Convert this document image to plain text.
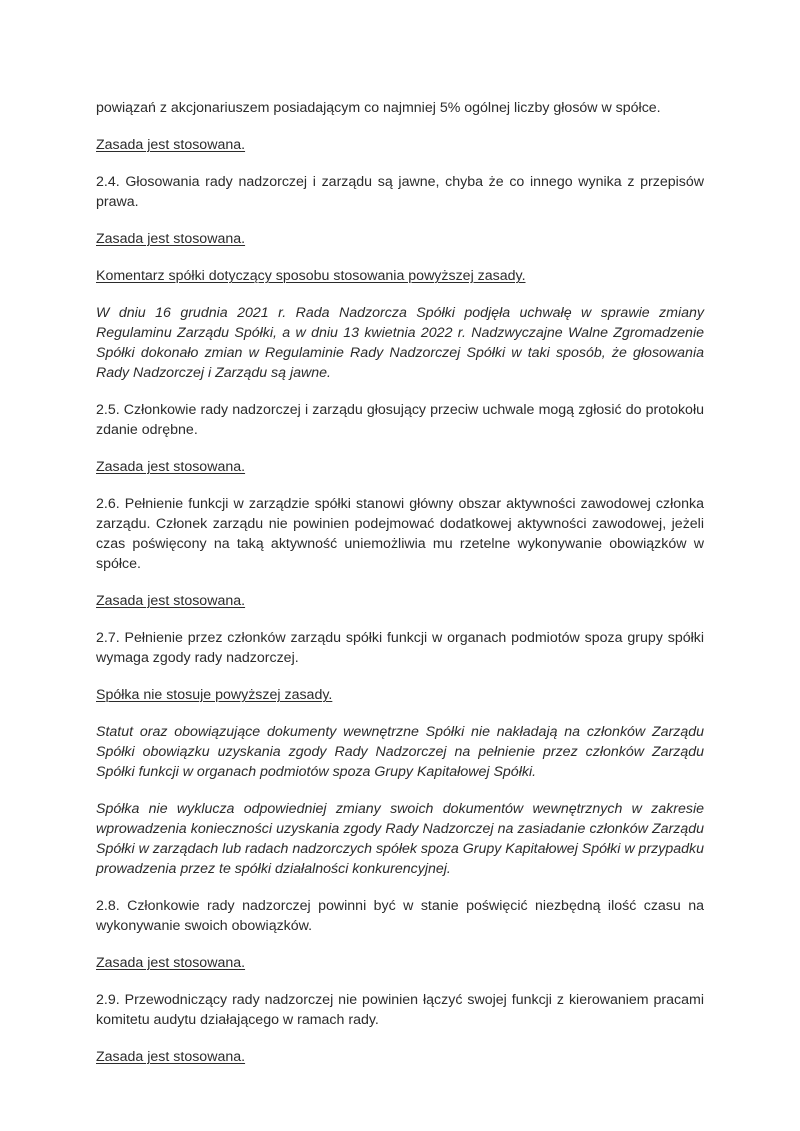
powiązań z akcjonariuszem posiadającym co najmniej 5% ogólnej liczby głosów w spółce.

Zasada jest stosowana.

2.4. Głosowania rady nadzorczej i zarządu są jawne, chyba że co innego wynika z przepisów prawa.

Zasada jest stosowana.

Komentarz spółki dotyczący sposobu stosowania powyższej zasady.

W dniu 16 grudnia 2021 r. Rada Nadzorcza Spółki podjęła uchwałę w sprawie zmiany Regulaminu Zarządu Spółki, a w dniu 13 kwietnia 2022 r. Nadzwyczajne Walne Zgromadzenie Spółki dokonało zmian w Regulaminie Rady Nadzorczej Spółki w taki sposób, że głosowania Rady Nadzorczej i Zarządu są jawne.

2.5. Członkowie rady nadzorczej i zarządu głosujący przeciw uchwale mogą zgłosić do protokołu zdanie odrębne.

Zasada jest stosowana.

2.6. Pełnienie funkcji w zarządzie spółki stanowi główny obszar aktywności zawodowej członka zarządu. Członek zarządu nie powinien podejmować dodatkowej aktywności zawodowej, jeżeli czas poświęcony na taką aktywność uniemożliwia mu rzetelne wykonywanie obowiązków w spółce.

Zasada jest stosowana.

2.7. Pełnienie przez członków zarządu spółki funkcji w organach podmiotów spoza grupy spółki wymaga zgody rady nadzorczej.

Spółka nie stosuje powyższej zasady.

Statut oraz obowiązujące dokumenty wewnętrzne Spółki nie nakładają na członków Zarządu Spółki obowiązku uzyskania zgody Rady Nadzorczej na pełnienie przez członków Zarządu Spółki funkcji w organach podmiotów spoza Grupy Kapitałowej Spółki.

Spółka nie wyklucza odpowiedniej zmiany swoich dokumentów wewnętrznych w zakresie wprowadzenia konieczności uzyskania zgody Rady Nadzorczej na zasiadanie członków Zarządu Spółki w zarządach lub radach nadzorczych spółek spoza Grupy Kapitałowej Spółki w przypadku prowadzenia przez te spółki działalności konkurencyjnej.

2.8. Członkowie rady nadzorczej powinni być w stanie poświęcić niezbędną ilość czasu na wykonywanie swoich obowiązków.

Zasada jest stosowana.

2.9. Przewodniczący rady nadzorczej nie powinien łączyć swojej funkcji z kierowaniem pracami komitetu audytu działającego w ramach rady.

Zasada jest stosowana.
